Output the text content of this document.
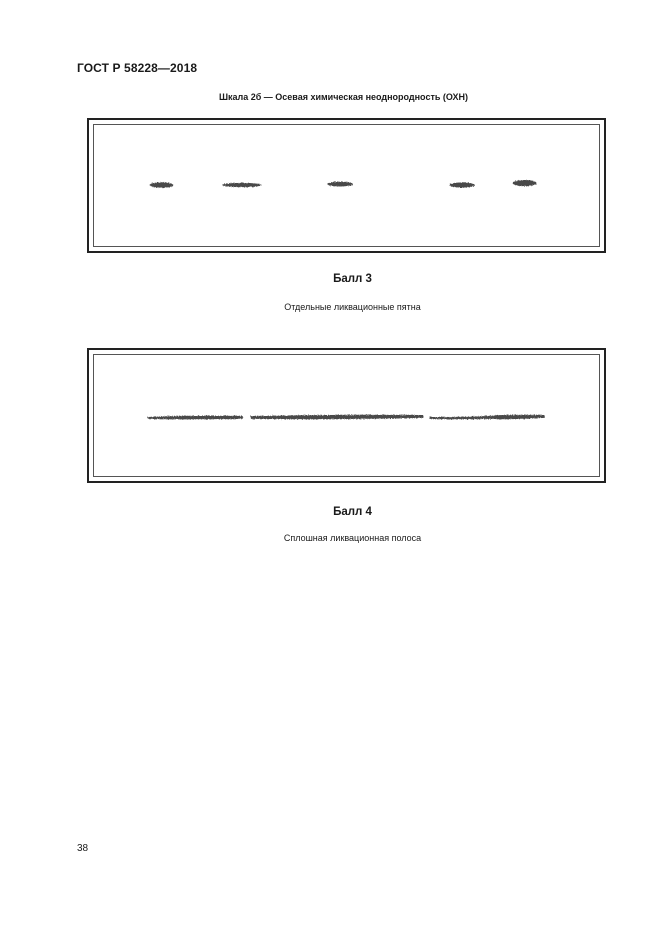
ГОСТ Р 58228—2018
Шкала 2б — Осевая химическая неоднородность (ОХН)
Балл 3
Отдельные ликвационные пятна
Балл 4
Сплошная ликвационная полоса
38
